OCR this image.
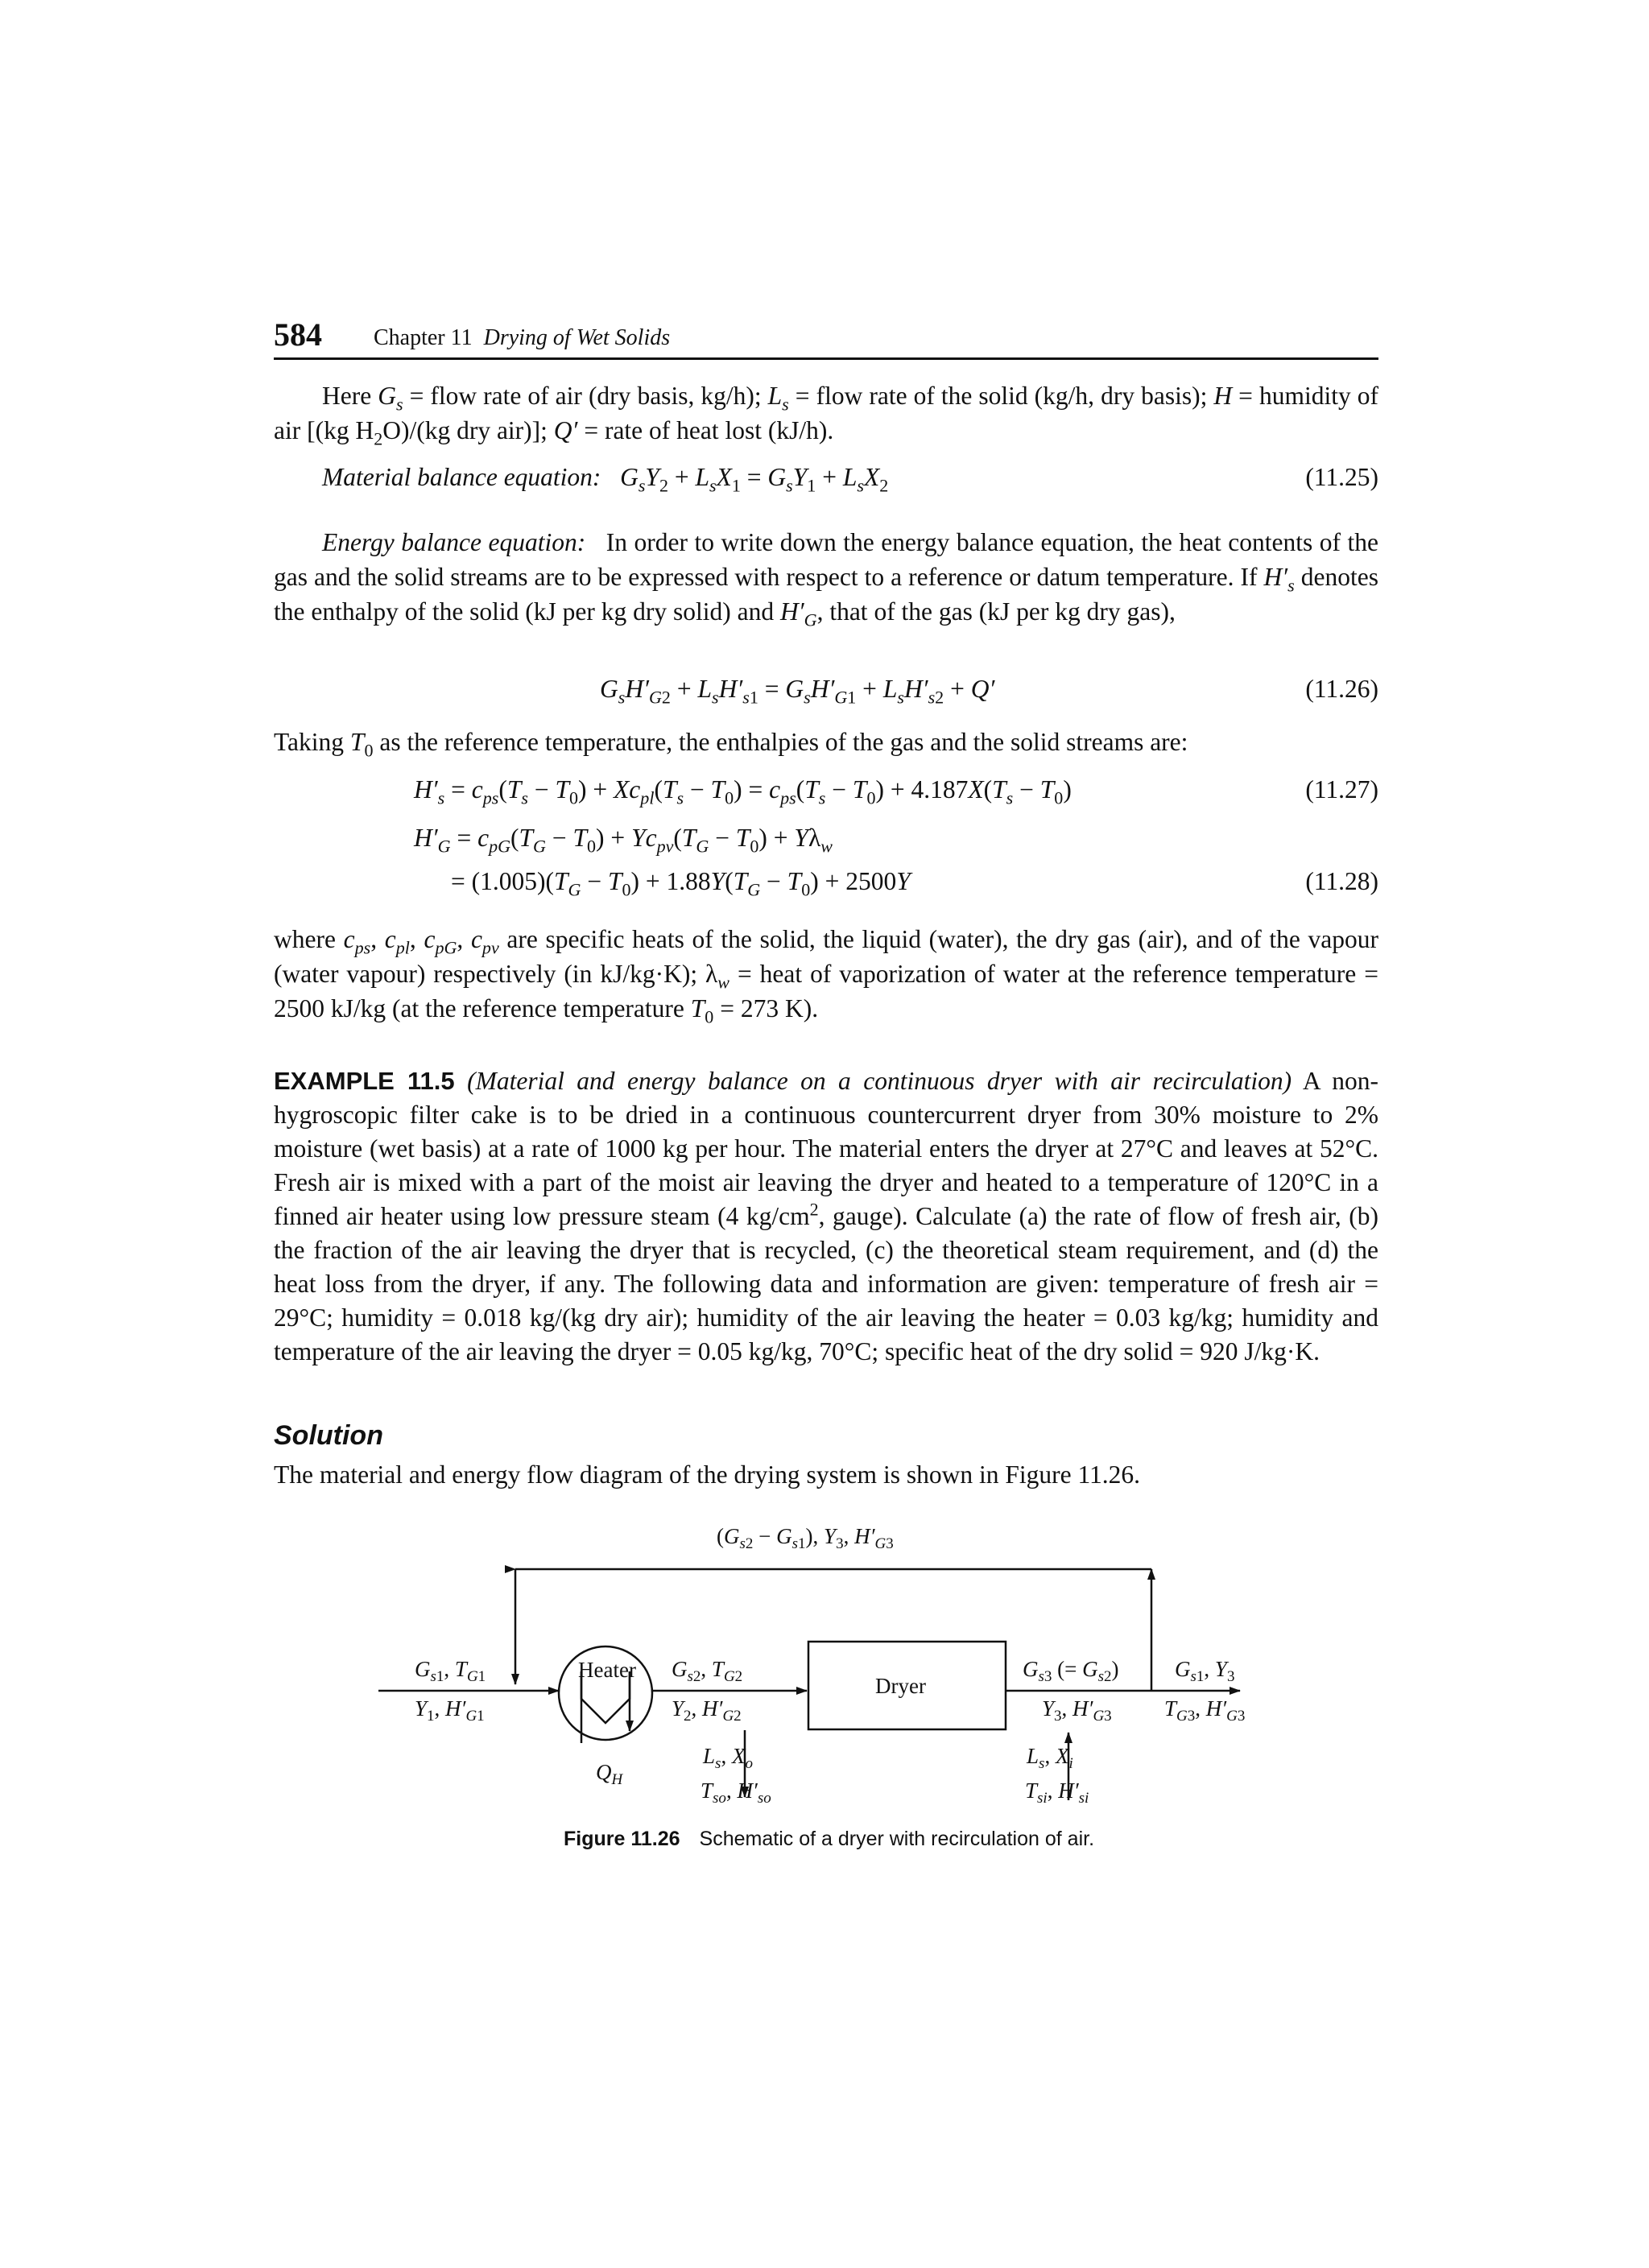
584 Chapter 11 Drying of Wet Solids
Here $G_s$ = flow rate of air (dry basis, kg/h); $L_s$ = flow rate of the solid (kg/h, dry basis); H = humidity of air [(kg $H_2O)/(kg$ dry air)]; Q′ = rate of heat lost (kJ/h).
Material balance equation: $G_sY_2 + L_sX_1 = G_sY_1 + L_sX_2$	(11.25)
Energy balance equation: In order to write down the energy balance equation, the heat contents of the gas and the solid streams are to be expressed with respect to a reference or datum temperature. If $H'_s$ denotes the enthalpy of the solid (kJ per kg dry solid) and $H'_G$, that of the gas (kJ per kg dry gas),
$G_sH'_{G2} + L_sH'_{s1} = G_sH'_{G1} + L_sH'_{s2} + Q'$	(11.26)
Taking $T_0$ as the reference temperature, the enthalpies of the gas and the solid streams are:
$H'_s = c_{ps}(T_s - T_0) + Xc_{pl}(T_s - T_0) = c_{ps}(T_s - T_0) + 4.187X(T_s - T_0)$	(11.27)
$H'_G = c_{pG}(T_G - T_0) + Yc_{pv}(T_G - T_0) + Y\lambda_w$
= $(1.005)(T_G - T_0) + 1.88Y(T_G - T_0) + 2500Y$	(11.28)
where $c_{ps}$, $c_{pl}$, $c_{pG}$, $c_{pv}$ are specific heats of the solid, the liquid (water), the dry gas (air), and of the vapour (water vapour) respectively (in kJ/kg·K); $\lambda_w$ = heat of vaporization of water at the reference temperature = 2500 kJ/kg (at the reference temperature $T_0 = 273$ K).
EXAMPLE 11.5 (Material and energy balance on a continuous dryer with air recirculation) A non-hygroscopic filter cake is to be dried in a continuous countercurrent dryer from 30% moisture to 2% moisture (wet basis) at a rate of 1000 kg per hour. The material enters the dryer at 27°C and leaves at 52°C. Fresh air is mixed with a part of the moist air leaving the dryer and heated to a temperature of 120°C in a finned air heater using low pressure steam (4 $kg/cm^2$, gauge). Calculate (a) the rate of flow of fresh air, (b) the fraction of the air leaving the dryer that is recycled, (c) the theoretical steam requirement, and (d) the heat loss from the dryer, if any. The following data and information are given: temperature of fresh air = 29°C; humidity = 0.018 kg/(kg dry air); humidity of the air leaving the heater = 0.03 kg/kg; humidity and temperature of the air leaving the dryer = 0.05 kg/kg, 70°C; specific heat of the dry solid = 920 J/kg·K.
Solution
The material and energy flow diagram of the drying system is shown in Figure 11.26.
$(G_s2 - G_s1)$, $Y_3$, $H'_G3$
$G_s1$, $T_G1$
$Y_1$, $H'_G1$
Heater $G_s2$, $T_G2$
$Y_2$, $H'_G2$
Dryer
$G_s3$ (= $G_s2$)
$Y_3$, $H'_G3$
$G_s1$, $Y_3$
$T_G3$, $H'_G3$
$Q_H$
$L_s$, $X_o$
$T_{so}$, $H'_{so}$
$L_s$, $X_i$
$T_{si}$, $H'_{si}$
Figure 11.26 Schematic of a dryer with recirculation of air.
